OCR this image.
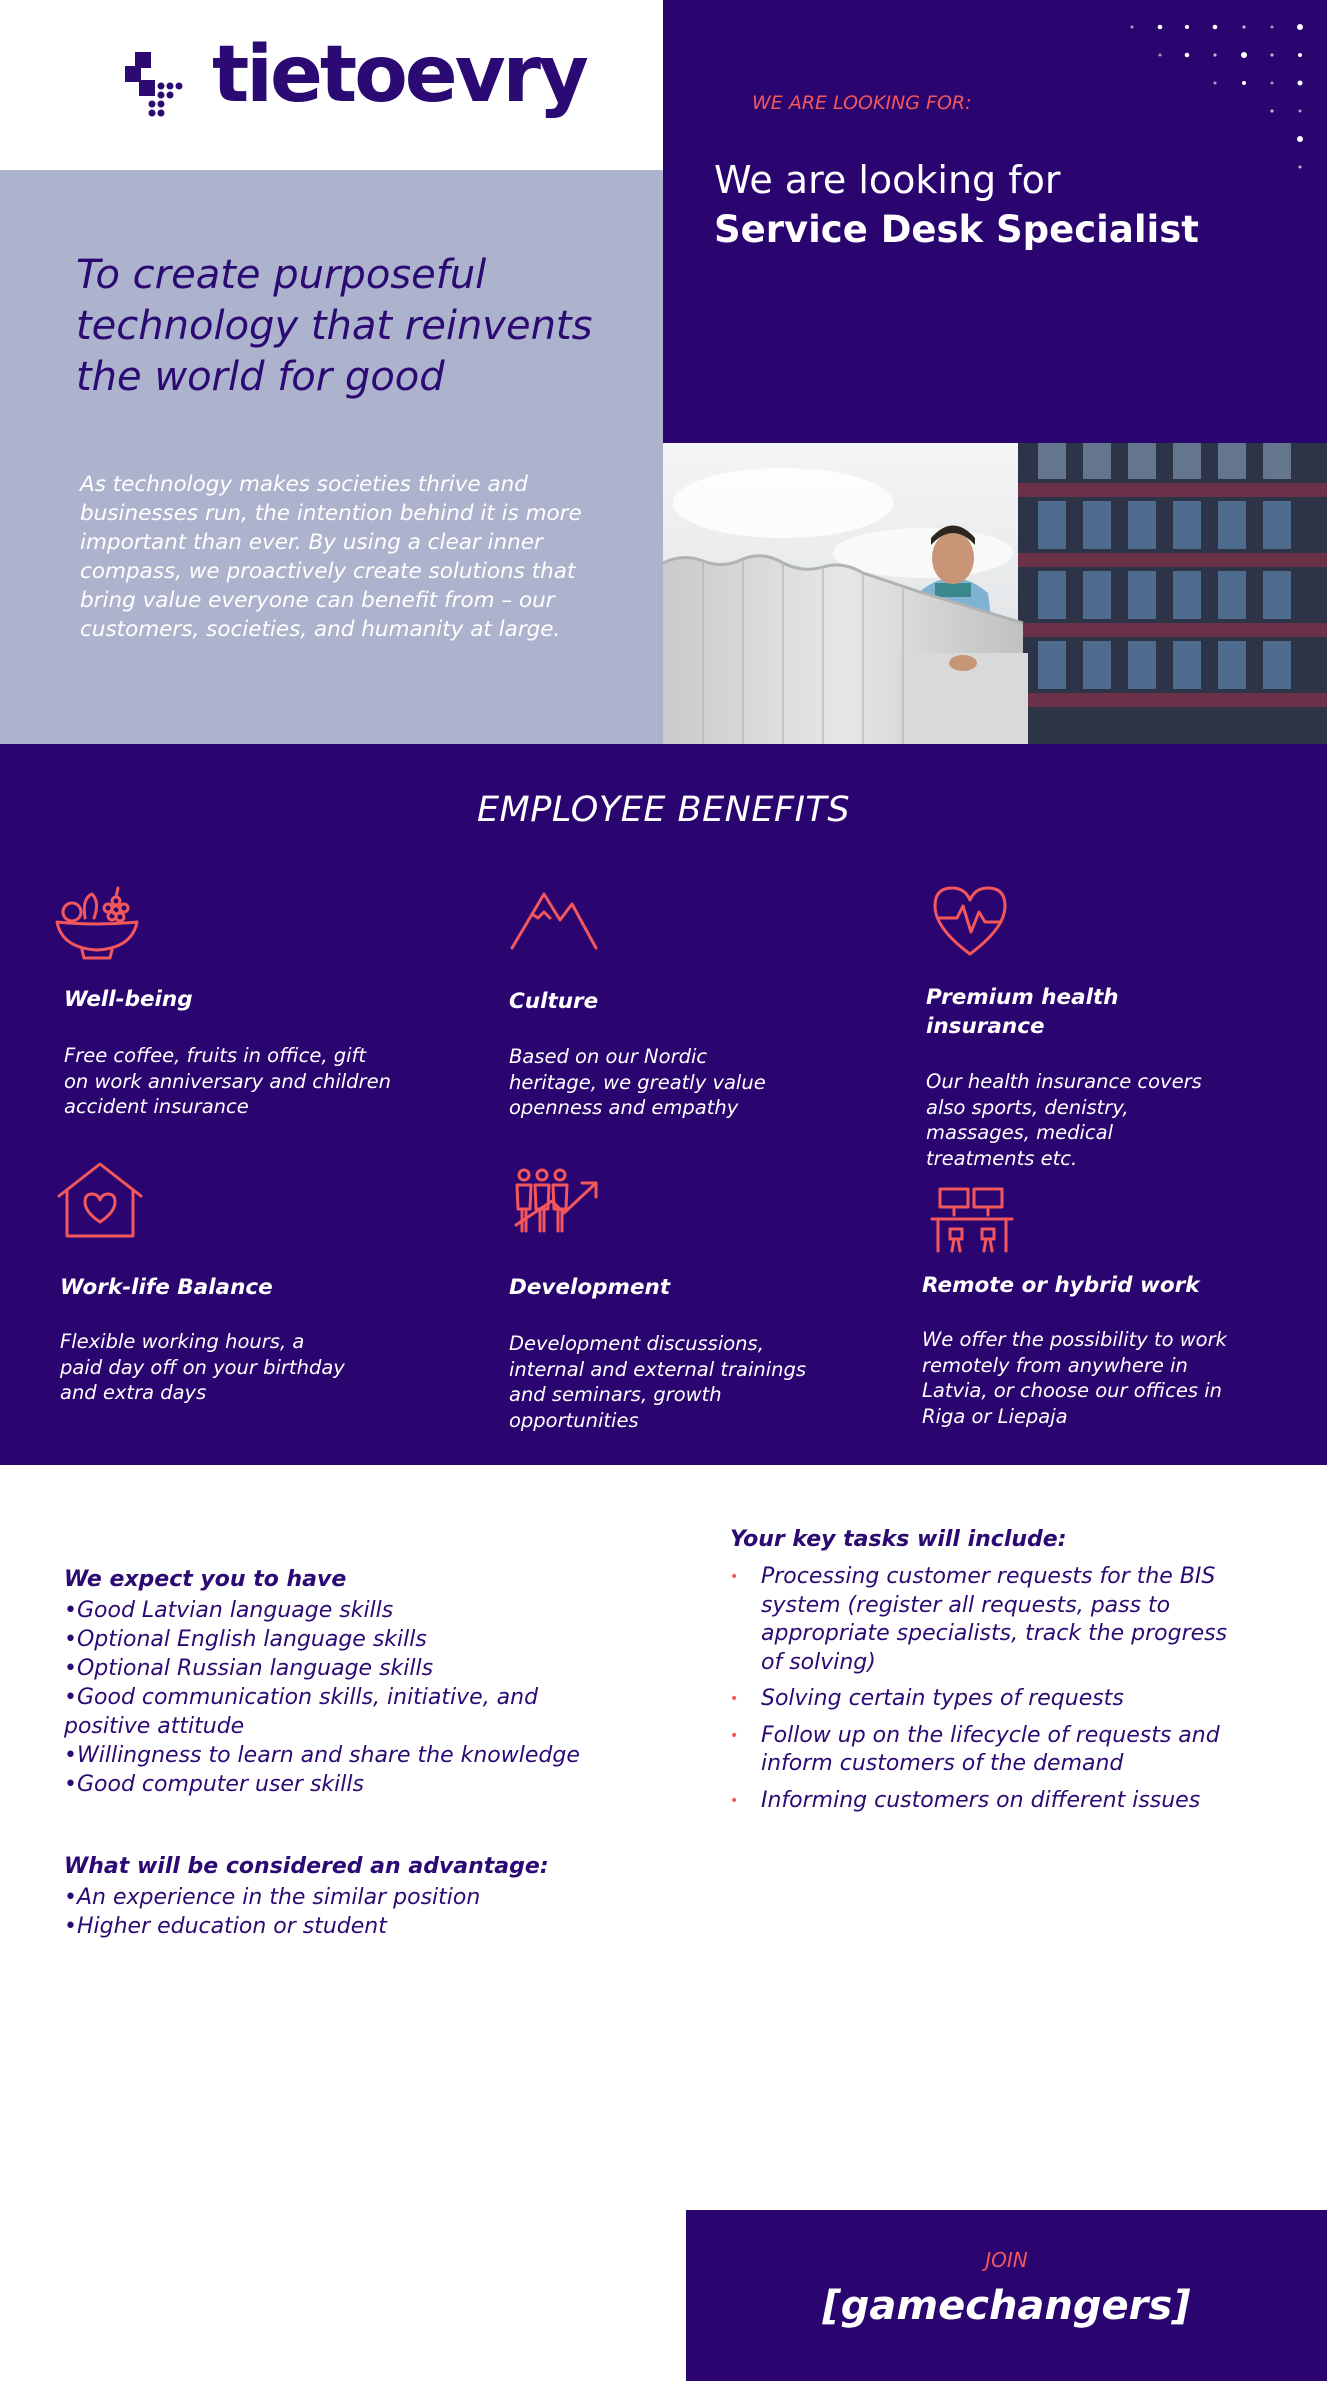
tietoevry
To create purposeful technology that reinvents the world for good
As technology makes societies thrive and businesses run, the intention behind it is more important than ever. By using a clear inner compass, we proactively create solutions that bring value everyone can benefit from – our customers, societies, and humanity at large.
WE ARE LOOKING FOR:
We are looking for
Service Desk Specialist
EMPLOYEE BENEFITS
Well-being
Free coffee, fruits in office, gift on work anniversary and children accident insurance
Culture
Based on our Nordic heritage, we greatly value openness and empathy
Premium health insurance
Our health insurance covers also sports, denistry, massages, medical treatments etc.
Work-life Balance
Flexible working hours, a paid day off on your birthday and extra days
Development
Development discussions, internal and external trainings and seminars, growth opportunities
Remote or hybrid work
We offer the possibility to work remotely from anywhere in Latvia, or choose our offices in Riga or Liepaja
We expect you to have
•Good Latvian language skills
•Optional English language skills
•Optional Russian language skills
•Good communication skills, initiative, and positive attitude
•Willingness to learn and share the knowledge
•Good computer user skills
What will be considered an advantage:
•An experience in the similar position
•Higher education or student
Your key tasks will include:
• Processing customer requests for the BIS system (register all requests, pass to appropriate specialists, track the progress of solving)
• Solving certain types of requests
• Follow up on the lifecycle of requests and inform customers of the demand
• Informing customers on different issues
JOIN
[gamechangers]
